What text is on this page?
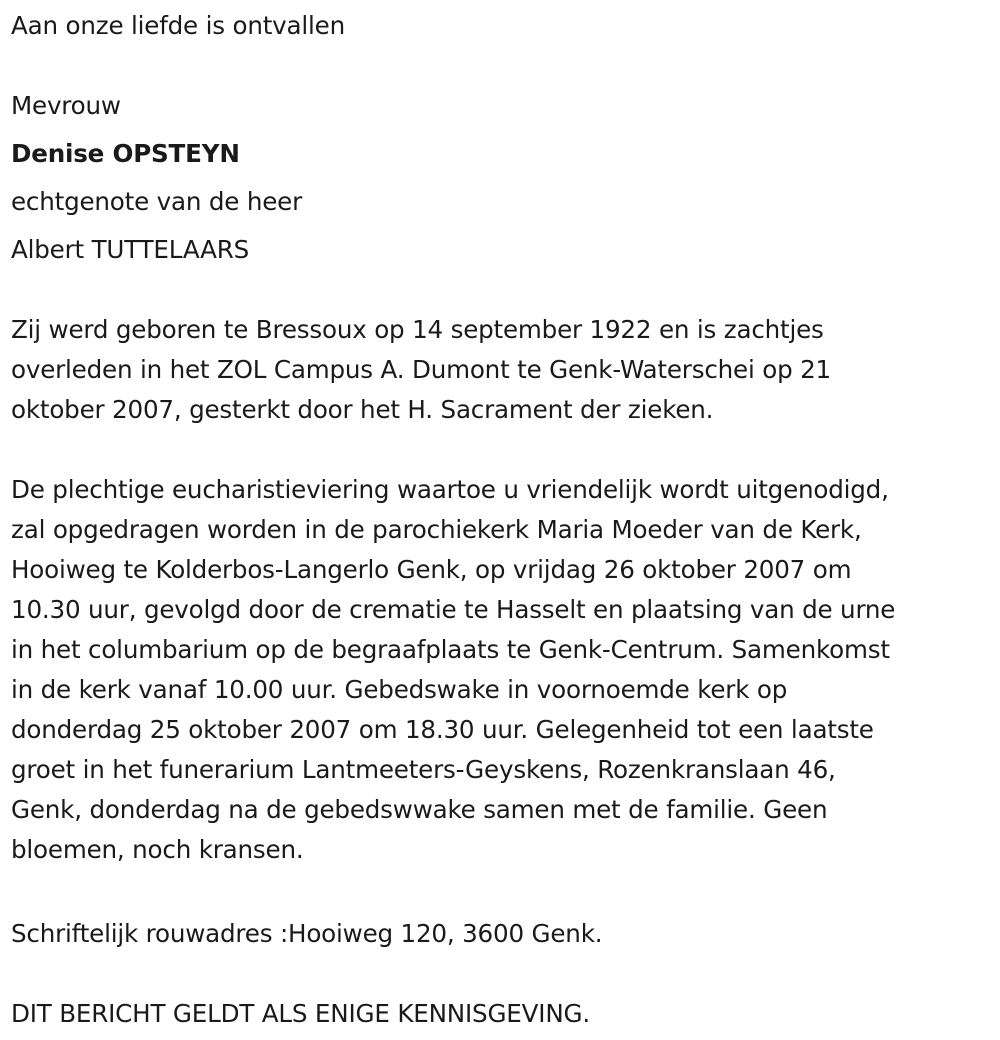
Aan onze liefde is ontvallen
Mevrouw
Denise OPSTEYN
echtgenote van de heer
Albert TUTTELAARS
Zij werd geboren te Bressoux op 14 september 1922 en is zachtjes
overleden in het ZOL Campus A. Dumont te Genk-Waterschei op 21
oktober 2007, gesterkt door het H. Sacrament der zieken.
De plechtige eucharistieviering waartoe u vriendelijk wordt uitgenodigd,
zal opgedragen worden in de parochiekerk Maria Moeder van de Kerk,
Hooiweg te Kolderbos-Langerlo Genk, op vrijdag 26 oktober 2007 om
10.30 uur, gevolgd door de crematie te Hasselt en plaatsing van de urne
in het columbarium op de begraafplaats te Genk-Centrum. Samenkomst
in de kerk vanaf 10.00 uur. Gebedswake in voornoemde kerk op
donderdag 25 oktober 2007 om 18.30 uur. Gelegenheid tot een laatste
groet in het funerarium Lantmeeters-Geyskens, Rozenkranslaan 46,
Genk, donderdag na de gebedswwake samen met de familie. Geen
bloemen, noch kransen.
Schriftelijk rouwadres :Hooiweg 120, 3600 Genk.
DIT BERICHT GELDT ALS ENIGE KENNISGEVING.
